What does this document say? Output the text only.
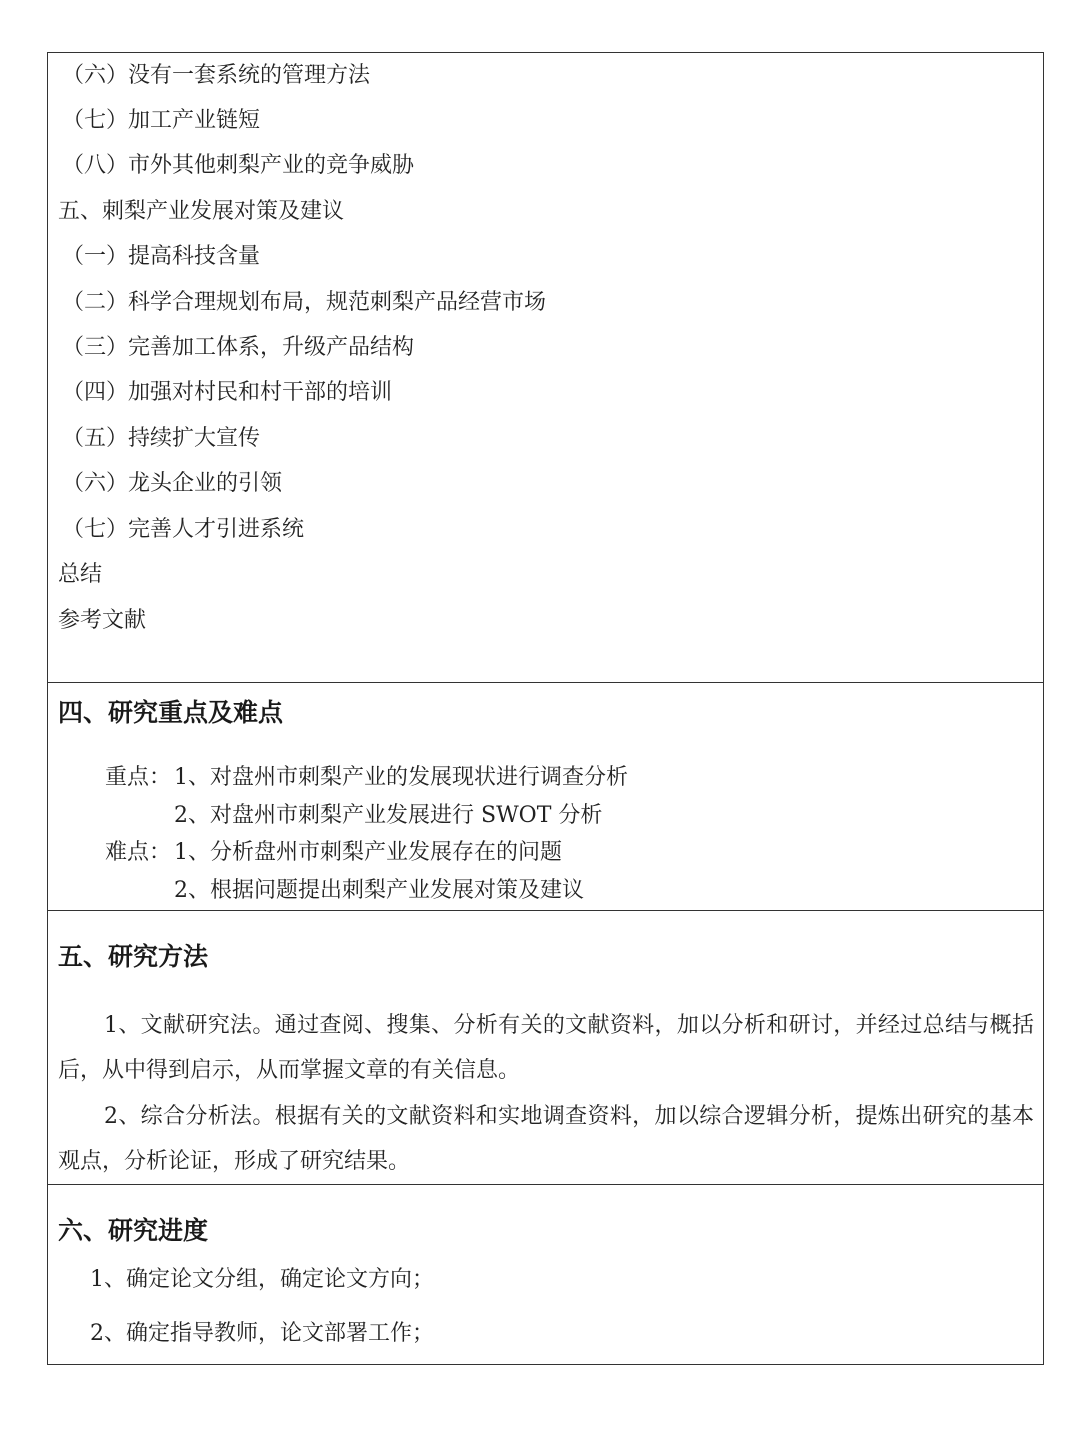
（六）没有一套系统的管理方法
（七）加工产业链短
（八）市外其他刺梨产业的竞争威胁
五、刺梨产业发展对策及建议
（一）提高科技含量
（二）科学合理规划布局，规范刺梨产品经营市场
（三）完善加工体系，升级产品结构
（四）加强对村民和村干部的培训
（五）持续扩大宣传
（六）龙头企业的引领
（七）完善人才引进系统
总结
参考文献
四、研究重点及难点
重点： 1、对盘州市刺梨产业的发展现状进行调查分析
2、对盘州市刺梨产业发展进行 SWOT 分析
难点： 1、分析盘州市刺梨产业发展存在的问题
2、根据问题提出刺梨产业发展对策及建议
五、研究方法
1、文献研究法。通过查阅、搜集、分析有关的文献资料，加以分析和研讨，并经过总结与概括后，从中得到启示，从而掌握文章的有关信息。
2、综合分析法。根据有关的文献资料和实地调查资料，加以综合逻辑分析，提炼出研究的基本观点，分析论证，形成了研究结果。
六、研究进度
1、确定论文分组，确定论文方向；
2、确定指导教师，论文部署工作；
